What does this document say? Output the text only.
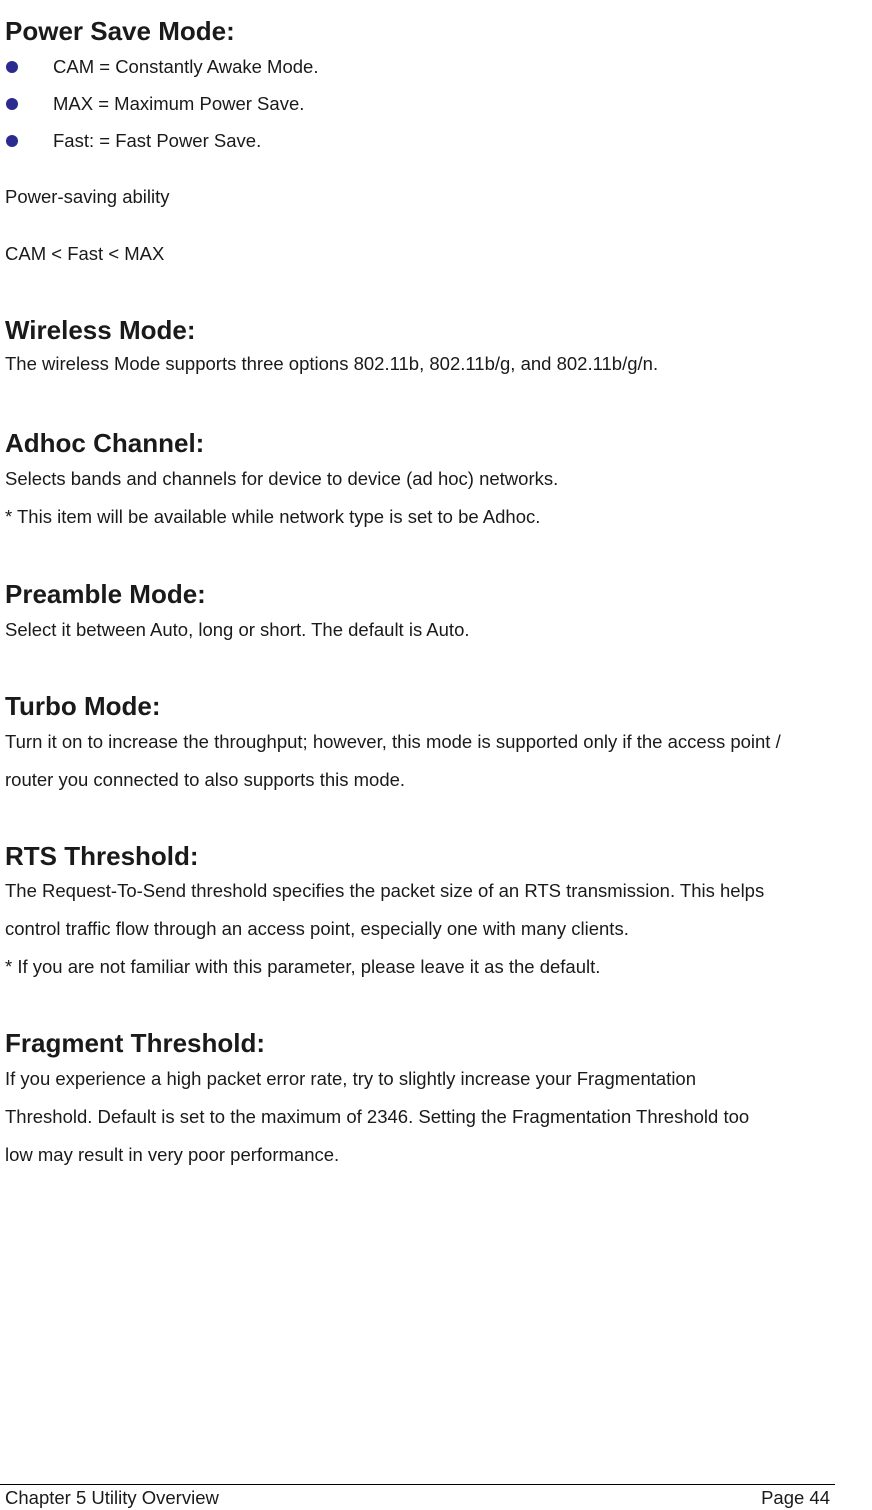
Power Save Mode:

CAM = Constantly Awake Mode.

MAX = Maximum Power Save.

Fast: = Fast Power Save.

Power-saving ability

CAM < Fast < MAX

Wireless Mode:

The wireless Mode supports three options 802.11b, 802.11b/g, and 802.11b/g/n.

Adhoc Channel:

Selects bands and channels for device to device (ad hoc) networks.

* This item will be available while network type is set to be Adhoc.

Preamble Mode:

Select it between Auto, long or short. The default is Auto.

Turbo Mode:

Turn it on to increase the throughput; however, this mode is supported only if the access point /

router you connected to also supports this mode.

RTS Threshold:

The Request-To-Send threshold specifies the packet size of an RTS transmission. This helps

control traffic flow through an access point, especially one with many clients.

* If you are not familiar with this parameter, please leave it as the default.

Fragment Threshold:

If you experience a high packet error rate, try to slightly increase your Fragmentation

Threshold. Default is set to the maximum of 2346. Setting the Fragmentation Threshold too

low may result in very poor performance.

Chapter 5 Utility Overview	Page 44
